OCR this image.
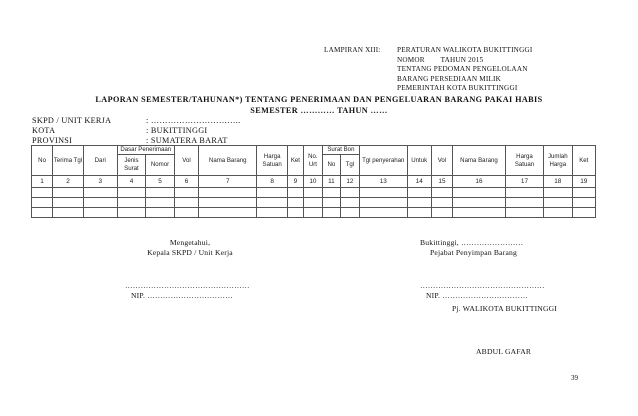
LAMPIRAN XIII: PERATURAN WALIKOTA BUKITTINGGI
NOMOR        TAHUN 2015
TENTANG PEDOMAN PENGELOLAAN
BARANG PERSEDIAAN MILIK
PEMERINTAH KOTA BUKITTINGGI
LAPORAN SEMESTER/TAHUNAN*) TENTANG PENERIMAAN DAN PENGELUARAN BARANG PAKAI HABIS
SEMESTER ………… TAHUN ……
SKPD / UNIT KERJA	: …………………………..
KOTA	: BUKITTINGGI
PROVINSI	: SUMATERA BARAT
No	Terima Tgl	Dari	Dasar Penerimaan		Vol	Nama Barang	Harga Satuan	Ket	No. Urt	Surat Bon		Tgl penyerahan	Untuk	Vol	Nama Barang	Harga Satuan	Jumlah Harga	Ket
			Jenis Surat	Nomor						No	Tgl							
1	2	3	4	5	6	7	8	9	10	11	12	13	14	15	16	17	18	19

Mengetahui,
Kepala SKPD / Unit Kerja
…………………………………………
NIP. ……………………………
Bukittinggi, ……………………
Pejabat Penyimpan Barang
…………………………………………
NIP. ……………………………
Pj. WALIKOTA BUKITTINGGI
ABDUL GAFAR
39
